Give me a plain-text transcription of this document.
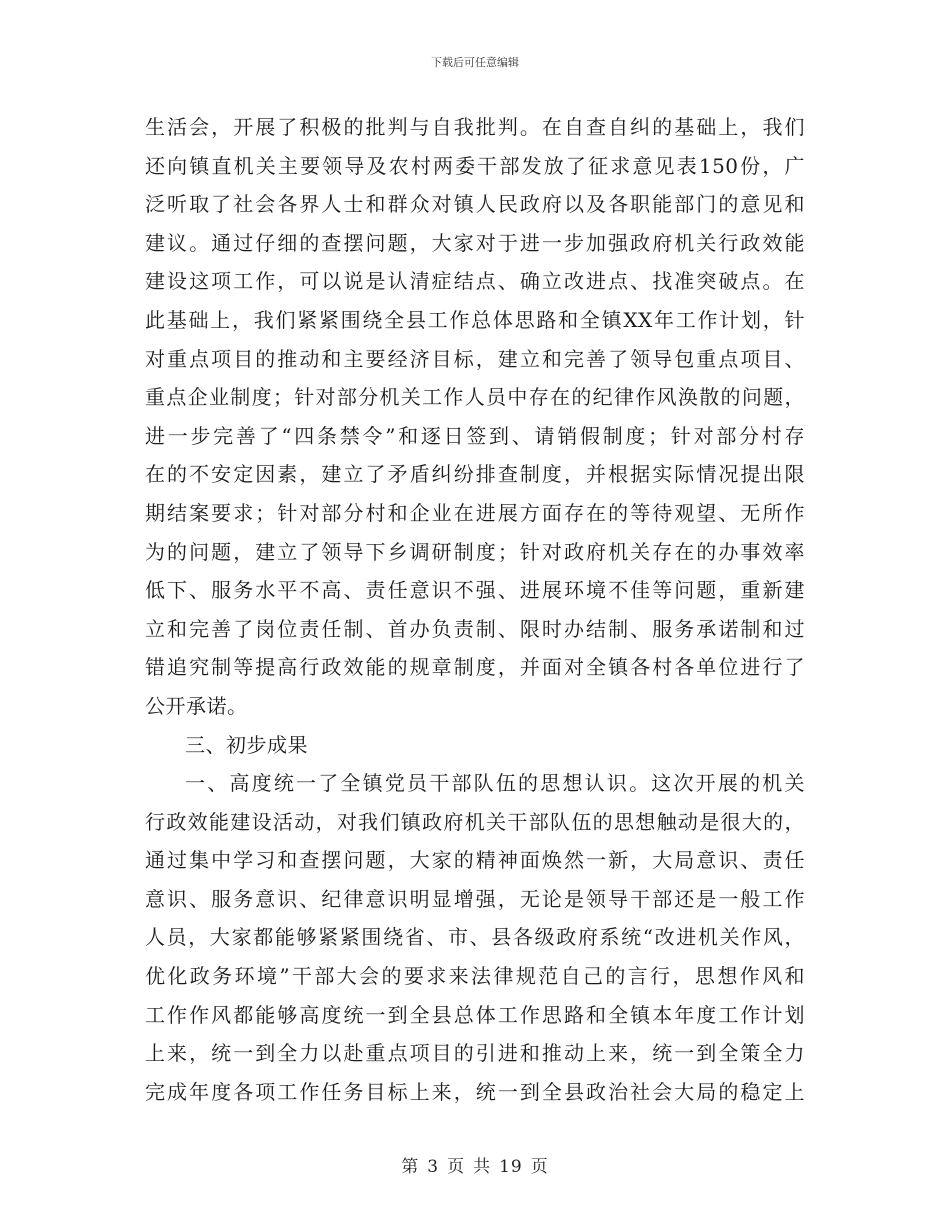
下载后可任意编辑
生活会，开展了积极的批判与自我批判。在自查自纠的基础上，我们
还向镇直机关主要领导及农村两委干部发放了征求意见表150份，广
泛听取了社会各界人士和群众对镇人民政府以及各职能部门的意见和
建议。通过仔细的查摆问题，大家对于进一步加强政府机关行政效能
建设这项工作，可以说是认清症结点、确立改进点、找准突破点。在
此基础上，我们紧紧围绕全县工作总体思路和全镇XX年工作计划，针
对重点项目的推动和主要经济目标，建立和完善了领导包重点项目、
重点企业制度；针对部分机关工作人员中存在的纪律作风涣散的问题，
进一步完善了“四条禁令”和逐日签到、请销假制度；针对部分村存
在的不安定因素，建立了矛盾纠纷排查制度，并根据实际情况提出限
期结案要求；针对部分村和企业在进展方面存在的等待观望、无所作
为的问题，建立了领导下乡调研制度；针对政府机关存在的办事效率
低下、服务水平不高、责任意识不强、进展环境不佳等问题，重新建
立和完善了岗位责任制、首办负责制、限时办结制、服务承诺制和过
错追究制等提高行政效能的规章制度，并面对全镇各村各单位进行了
公开承诺。
三、初步成果
一、高度统一了全镇党员干部队伍的思想认识。这次开展的机关
行政效能建设活动，对我们镇政府机关干部队伍的思想触动是很大的，
通过集中学习和查摆问题，大家的精神面焕然一新，大局意识、责任
意识、服务意识、纪律意识明显增强，无论是领导干部还是一般工作
人员，大家都能够紧紧围绕省、市、县各级政府系统“改进机关作风，
优化政务环境”干部大会的要求来法律规范自己的言行，思想作风和
工作作风都能够高度统一到全县总体工作思路和全镇本年度工作计划
上来，统一到全力以赴重点项目的引进和推动上来，统一到全策全力
完成年度各项工作任务目标上来，统一到全县政治社会大局的稳定上
第 3 页 共 19 页
